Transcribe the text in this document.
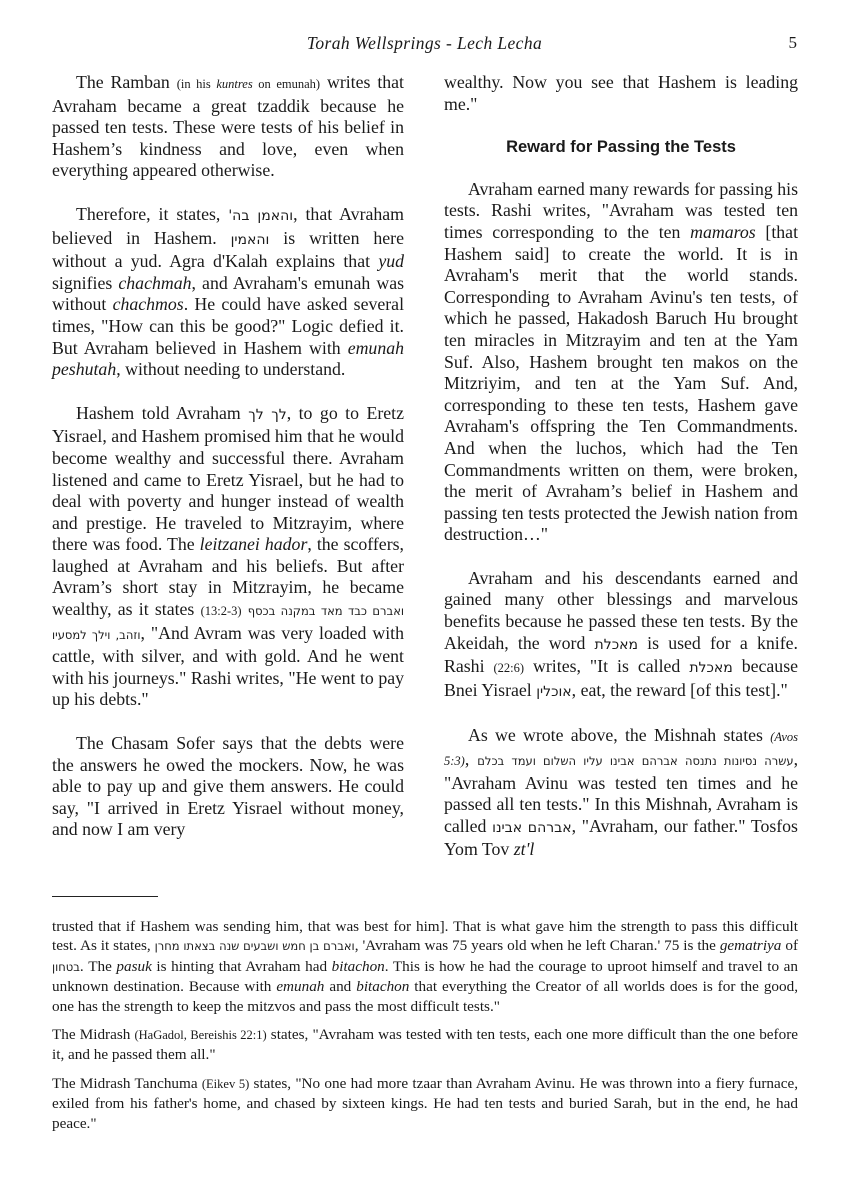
Torah Wellsprings - Lech Lecha	5

The Ramban (in his kuntres on emunah) writes that Avraham became a great tzaddik because he passed ten tests. These were tests of his belief in Hashem’s kindness and love, even when everything appeared otherwise.

Therefore, it states, והאמן בה', that Avraham believed in Hashem. והאמין is written here without a yud. Agra d'Kalah explains that yud signifies chachmah, and Avraham's emunah was without chachmos. He could have asked several times, "How can this be good?" Logic defied it. But Avraham believed in Hashem with emunah peshutah, without needing to understand.

Hashem told Avraham לך לך, to go to Eretz Yisrael, and Hashem promised him that he would become wealthy and successful there. Avraham listened and came to Eretz Yisrael, but he had to deal with poverty and hunger instead of wealth and prestige. He traveled to Mitzrayim, where there was food. The leitzanei hador, the scoffers, laughed at Avraham and his beliefs. But after Avram’s short stay in Mitzrayim, he became wealthy, as it states (13:2-3) ואברם כבד מאד במקנה בכסף וזהב, וילך למסעיו, "And Avram was very loaded with cattle, with silver, and with gold. And he went with his journeys." Rashi writes, "He went to pay up his debts."

The Chasam Sofer says that the debts were the answers he owed the mockers. Now, he was able to pay up and give them answers. He could say, "I arrived in Eretz Yisrael without money, and now I am very

wealthy. Now you see that Hashem is leading me."

Reward for Passing the Tests

Avraham earned many rewards for passing his tests. Rashi writes, "Avraham was tested ten times corresponding to the ten mamaros [that Hashem said] to create the world. It is in Avraham's merit that the world stands. Corresponding to Avraham Avinu's ten tests, of which he passed, Hakadosh Baruch Hu brought ten miracles in Mitzrayim and ten at the Yam Suf. Also, Hashem brought ten makos on the Mitzriyim, and ten at the Yam Suf. And, corresponding to these ten tests, Hashem gave Avraham's offspring the Ten Commandments. And when the luchos, which had the Ten Commandments written on them, were broken, the merit of Avraham’s belief in Hashem and passing ten tests protected the Jewish nation from destruction…"

Avraham and his descendants earned and gained many other blessings and marvelous benefits because he passed these ten tests. By the Akeidah, the word מאכלת is used for a knife. Rashi (22:6) writes, "It is called מאכלת because Bnei Yisrael אוכלין, eat, the reward [of this test]."

As we wrote above, the Mishnah states (Avos 5:3), עשרה נסיונות נתנסה אברהם אבינו עליו השלום ועמד בכלם, "Avraham Avinu was tested ten times and he passed all ten tests." In this Mishnah, Avraham is called אברהם אבינו, "Avraham, our father." Tosfos Yom Tov zt'l

trusted that if Hashem was sending him, that was best for him]. That is what gave him the strength to pass this difficult test. As it states, ואברם בן חמש ושבעים שנה בצאתו מחרן, 'Avraham was 75 years old when he left Charan.' 75 is the gematriya of בטחון. The pasuk is hinting that Avraham had bitachon. This is how he had the courage to uproot himself and travel to an unknown destination. Because with emunah and bitachon that everything the Creator of all worlds does is for the good, one has the strength to keep the mitzvos and pass the most difficult tests."

The Midrash (HaGadol, Bereishis 22:1) states, "Avraham was tested with ten tests, each one more difficult than the one before it, and he passed them all."

The Midrash Tanchuma (Eikev 5) states, "No one had more tzaar than Avraham Avinu. He was thrown into a fiery furnace, exiled from his father's home, and chased by sixteen kings. He had ten tests and buried Sarah, but in the end, he had peace."
